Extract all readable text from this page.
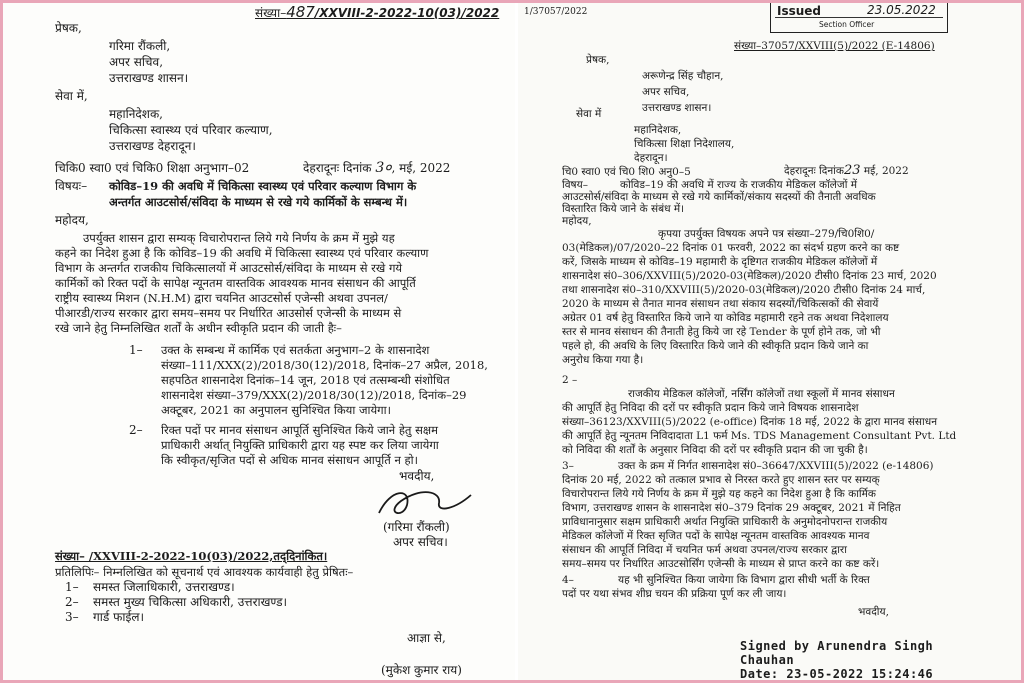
संख्या–487/XXVIII-2-2022-10(03)/2022
प्रेषक,
गरिमा रौंकली,
अपर सचिव,
उत्तराखण्ड शासन।
सेवा में,
महानिदेशक,
चिकित्सा स्वास्थ्य एवं परिवार कल्याण,
उत्तराखण्ड देहरादून।
चिकि0 स्वा0 एवं चिकि0 शिक्षा अनुभाग–02	देहरादूनः दिनांक 3०, मई, 2022
विषयः– कोविड–19 की अवधि में चिकित्सा स्वास्थ्य एवं परिवार कल्याण विभाग के
अन्तर्गत आउटसोर्स/संविदा के माध्यम से रखे गये कार्मिकों के सम्बन्ध में।
महोदय,
उपर्युक्त शासन द्वारा सम्यक् विचारोपरान्त लिये गये निर्णय के क्रम में मुझे यह
कहने का निदेश हुआ है कि कोविड–19 की अवधि में चिकित्सा स्वास्थ्य एवं परिवार कल्याण
विभाग के अन्तर्गत राजकीय चिकित्सालयों में आउटसोर्स/संविदा के माध्यम से रखे गये
कार्मिकों को रिक्त पदों के सापेक्ष न्यूनतम वास्तविक आवश्यक मानव संसाधन की आपूर्ति
राष्ट्रीय स्वास्थ्य मिशन (N.H.M) द्वारा चयनित आउटसोर्स एजेन्सी अथवा उपनल/
पीआरडी/राज्य सरकार द्वारा समय–समय पर निर्धारित आउसोर्स एजेन्सी के माध्यम से
रखे जाने हेतु निम्नलिखित शर्तों के अधीन स्वीकृति प्रदान की जाती हैः–
1– उक्त के सम्बन्ध में कार्मिक एवं सतर्कता अनुभाग–2 के शासनादेश
संख्या–111/XXX(2)/2018/30(12)/2018, दिनांक–27 अप्रैल, 2018,
सहपठित शासनादेश दिनांक–14 जून, 2018 एवं तत्सम्बन्धी संशोधित
शासनादेश संख्या–379/XXX(2)/2018/30(12)/2018, दिनांक–29
अक्टूबर, 2021 का अनुपालन सुनिश्चित किया जायेगा।
2– रिक्त पदों पर मानव संसाधन आपूर्ति सुनिश्चित किये जाने हेतु सक्षम
प्राधिकारी अर्थात् नियुक्ति प्राधिकारी द्वारा यह स्पष्ट कर लिया जायेगा
कि स्वीकृत/सृजित पदों से अधिक मानव संसाधन आपूर्ति न हो।
भवदीय,
(गरिमा रौंकली)
अपर सचिव।
संख्या– /XXVIII-2-2022-10(03)/2022,तद्‌दिनांकित।
प्रतिलिपिः– निम्नलिखित को सूचनार्थ एवं आवश्यक कार्यवाही हेतु प्रेषितः–
1– समस्त जिलाधिकारी, उत्तराखण्ड।
2– समस्त मुख्य चिकित्सा अधिकारी, उत्तराखण्ड।
3– गार्ड फाईल।
आज्ञा से,
(मुकेश कुमार राय)
1/37057/2022	Issued	23.05.2022
Section Officer
संख्या–37057/XXVIII(5)/2022 (E-14806)
प्रेषक,
अरूणेन्द्र सिंह चौहान,
अपर सचिव,
उत्तराखण्ड शासन।
सेवा में
महानिदेशक,
चिकित्सा शिक्षा निदेशालय,
देहरादून।
चि0 स्वा0 एवं चि0 शि0 अनु0–5	देहरादूनः दिनांक23 मई, 2022
विषय–	कोविड–19 की अवधि में राज्य के राजकीय मेडिकल कॉलेजों में
आउटसोर्स/संविदा के माध्यम से रखे गये कार्मिकों/संकाय सदस्यों की तैनाती अवधिक
विस्तारित किये जाने के संबंध में।
महोदय,
कृपया उपर्युक्त विषयक अपने पत्र संख्या–279/चि0शि0/
03(मेडिकल)/07/2020–22 दिनांक 01 फरवरी, 2022 का संदर्भ ग्रहण करने का कष्ट
करें, जिसके माध्यम से कोविड–19 महामारी के दृष्टिगत राजकीय मेडिकल कॉलेजों में
शासनादेश सं0–306/XXVIII(5)/2020-03(मेडिकल)/2020 टीसी0 दिनांक 23 मार्च, 2020
तथा शासनादेश सं0–310/XXVIII(5)/2020-03(मेडिकल)/2020 टीसी0 दिनांक 24 मार्च,
2020 के माध्यम से तैनात मानव संसाधन तथा संकाय सदस्यों/चिकित्सकों की सेवायें
अग्रेतर 01 वर्ष हेतु विस्तारित किये जाने या कोविड महामारी रहने तक अथवा निदेशालय
स्तर से मानव संसाधन की तैनाती हेतु किये जा रहे Tender के पूर्ण होने तक, जो भी
पहले हो, की अवधि के लिए विस्तारित किये जाने की स्वीकृति प्रदान किये जाने का
अनुरोध किया गया है।
2 –
राजकीय मेडिकल कॉलेजों, नर्सिंग कॉलेजों तथा स्कूलों में मानव संसाधन
की आपूर्ति हेतु निविदा की दरों पर स्वीकृति प्रदान किये जाने विषयक शासनादेश
संख्या–36123/XXVIII(5)/2022 (e-office) दिनांक 18 मई, 2022 के द्वारा मानव संसाधन
की आपूर्ति हेतु न्यूनतम निविदादाता L1 फर्म Ms. TDS Management Consultant Pvt. Ltd
को निविदा की शर्तों के अनुसार निविदा की दरों पर स्वीकृति प्रदान की जा चुकी है।
3–	उक्त के क्रम में निर्गत शासनादेश सं0–36647/XXVIII(5)/2022 (e-14806)
दिनांक 20 मई, 2022 को तत्काल प्रभाव से निरस्त करते हुए शासन स्तर पर सम्यक्
विचारोपरान्त लिये गये निर्णय के क्रम में मुझे यह कहने का निदेश हुआ है कि कार्मिक
विभाग, उत्तराखण्ड शासन के शासनादेश सं0–379 दिनांक 29 अक्टूबर, 2021 में निहित
प्राविधानानुसार सक्षम प्राधिकारी अर्थात नियुक्ति प्राधिकारी के अनुमोदनोपरान्त राजकीय
मेडिकल कॉलेजों में रिक्त सृजित पदों के सापेक्ष न्यूनतम वास्तविक आवश्यक मानव
संसाधन की आपूर्ति निविदा में चयनित फर्म अथवा उपनल/राज्य सरकार द्वारा
समय–समय पर निर्धारित आउटसोर्सिंग एजेन्सी के माध्यम से प्राप्त करने का कष्ट करें।
4–	यह भी सुनिश्चित किया जायेगा कि विभाग द्वारा सीधी भर्ती के रिक्त
पदों पर यथा संभव शीघ्र चयन की प्रक्रिया पूर्ण कर ली जाय।
भवदीय,
Signed by Arunendra Singh
Chauhan
Date: 23-05-2022 15:24:46
